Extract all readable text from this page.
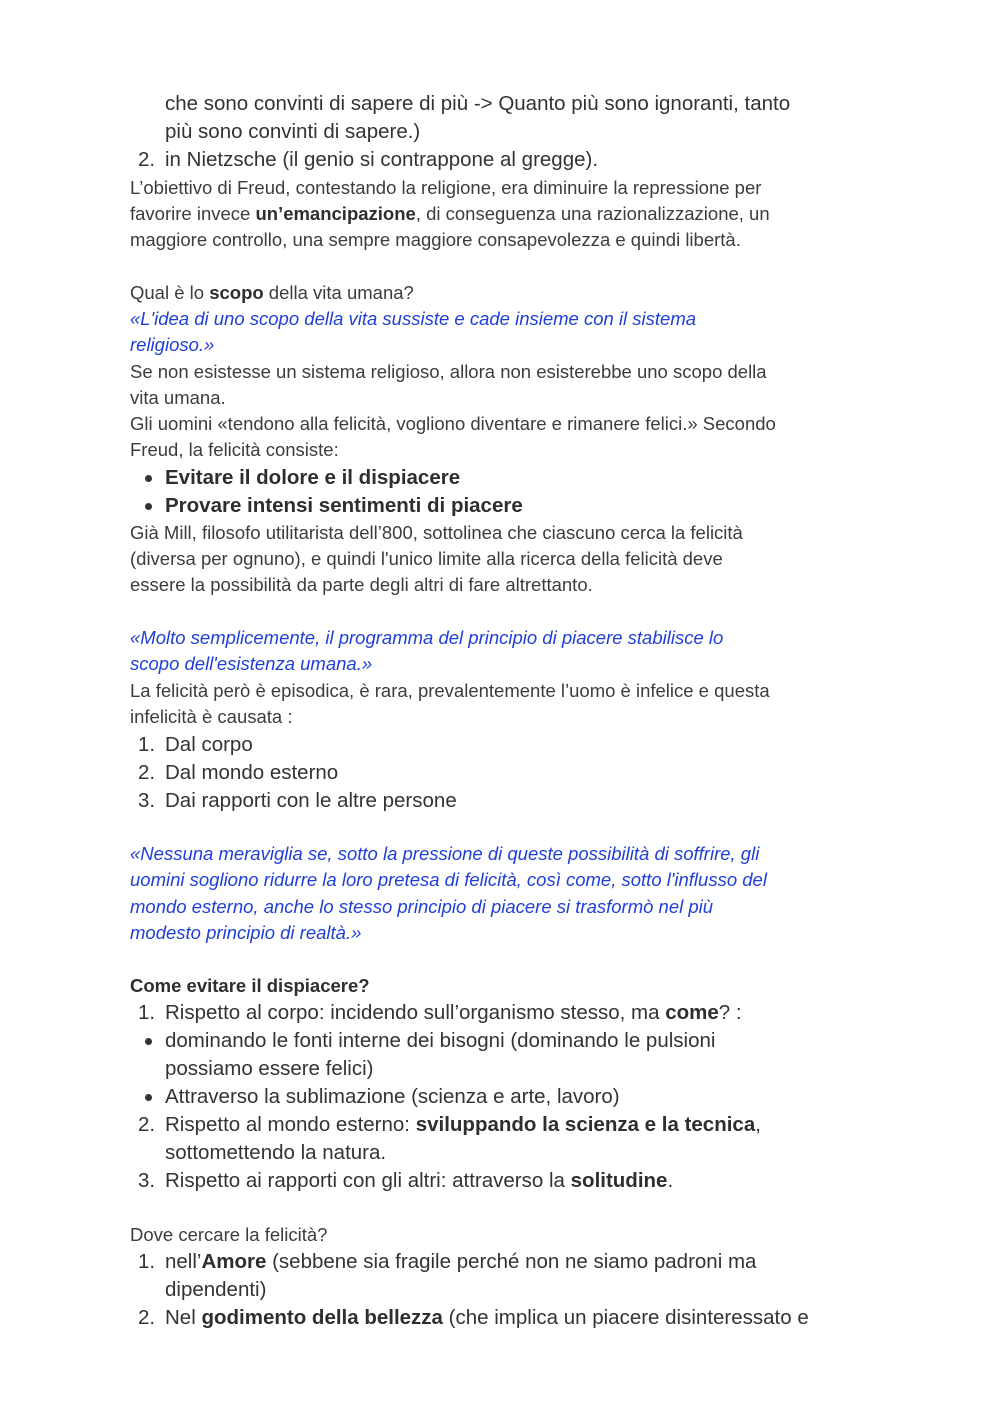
che sono convinti di sapere di più -> Quanto più sono ignoranti, tanto

più sono convinti di sapere.)

2. in Nietzsche (il genio si contrappone al gregge).

L’obiettivo di Freud, contestando la religione, era diminuire la repressione per

favorire invece un’emancipazione, di conseguenza una razionalizzazione, un

maggiore controllo, una sempre maggiore consapevolezza e quindi libertà.

Qual è lo scopo della vita umana?

«L'idea di uno scopo della vita sussiste e cade insieme con il sistema

religioso.»

Se non esistesse un sistema religioso, allora non esisterebbe uno scopo della

vita umana.

Gli uomini «tendono alla felicità, vogliono diventare e rimanere felici.» Secondo

Freud, la felicità consiste:

Evitare il dolore e il dispiacere

Provare intensi sentimenti di piacere

Già Mill, filosofo utilitarista dell’800, sottolinea che ciascuno cerca la felicità

(diversa per ognuno), e quindi l'unico limite alla ricerca della felicità deve

essere la possibilità da parte degli altri di fare altrettanto.

«Molto semplicemente, il programma del principio di piacere stabilisce lo

scopo dell'esistenza umana.»

La felicità però è episodica, è rara, prevalentemente l’uomo è infelice e questa

infelicità è causata :

1. Dal corpo

2. Dal mondo esterno

3. Dai rapporti con le altre persone

«Nessuna meraviglia se, sotto la pressione di queste possibilità di soffrire, gli

uomini sogliono ridurre la loro pretesa di felicità, così come, sotto l'influsso del

mondo esterno, anche lo stesso principio di piacere si trasformò nel più

modesto principio di realtà.»

Come evitare il dispiacere?

1. Rispetto al corpo: incidendo sull’organismo stesso, ma come? :

dominando le fonti interne dei bisogni (dominando le pulsioni

possiamo essere felici)

Attraverso la sublimazione (scienza e arte, lavoro)

2. Rispetto al mondo esterno: sviluppando la scienza e la tecnica,

sottomettendo la natura.

3. Rispetto ai rapporti con gli altri: attraverso la solitudine.

Dove cercare la felicità?

1. nell’Amore (sebbene sia fragile perché non ne siamo padroni ma

dipendenti)

2. Nel godimento della bellezza (che implica un piacere disinteressato e
